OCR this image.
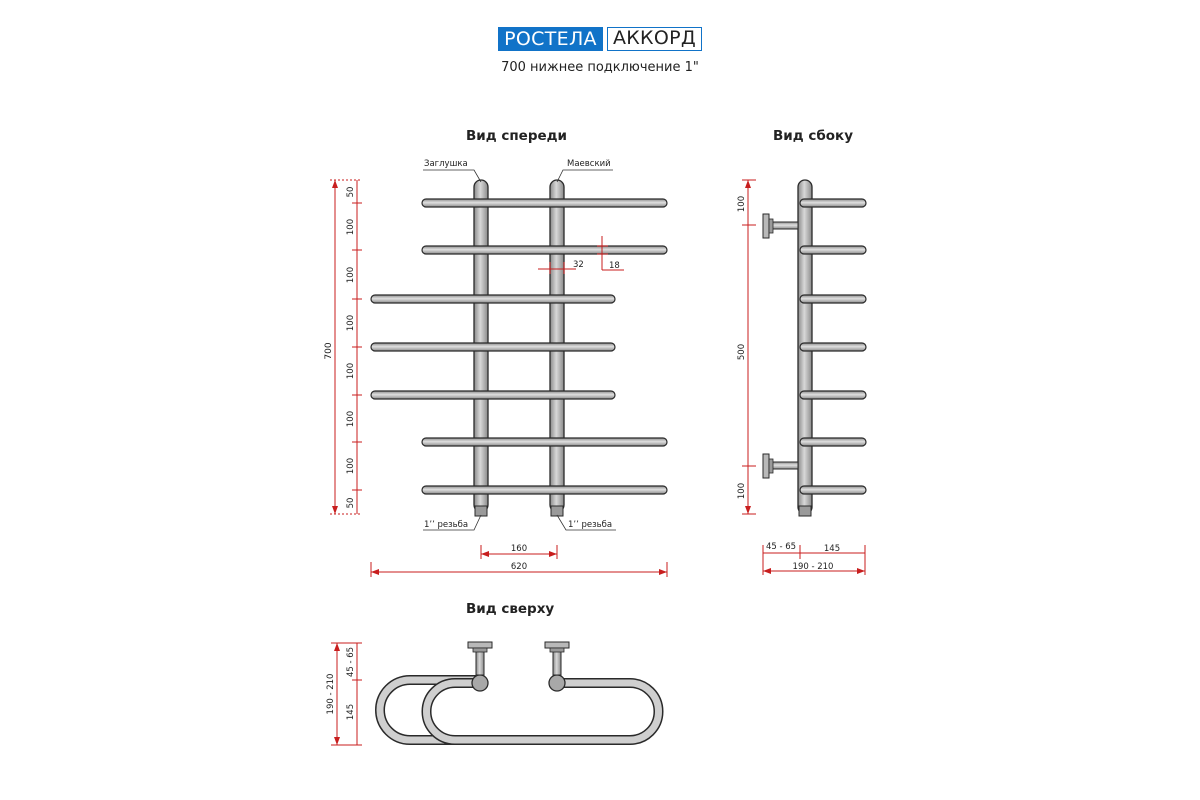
РОСТЕЛА АККОРД
700 нижнее подключение 1"
Вид спереди	Вид сбоку
Вид сверху
Заглушка	Маевский
1’’ резьба	1’’ резьба
700
50
100
100
100
100
100
100
50
32	18
160
620
100
500
100
45 - 65	145
190 - 210
190 - 210
45 - 65
145
